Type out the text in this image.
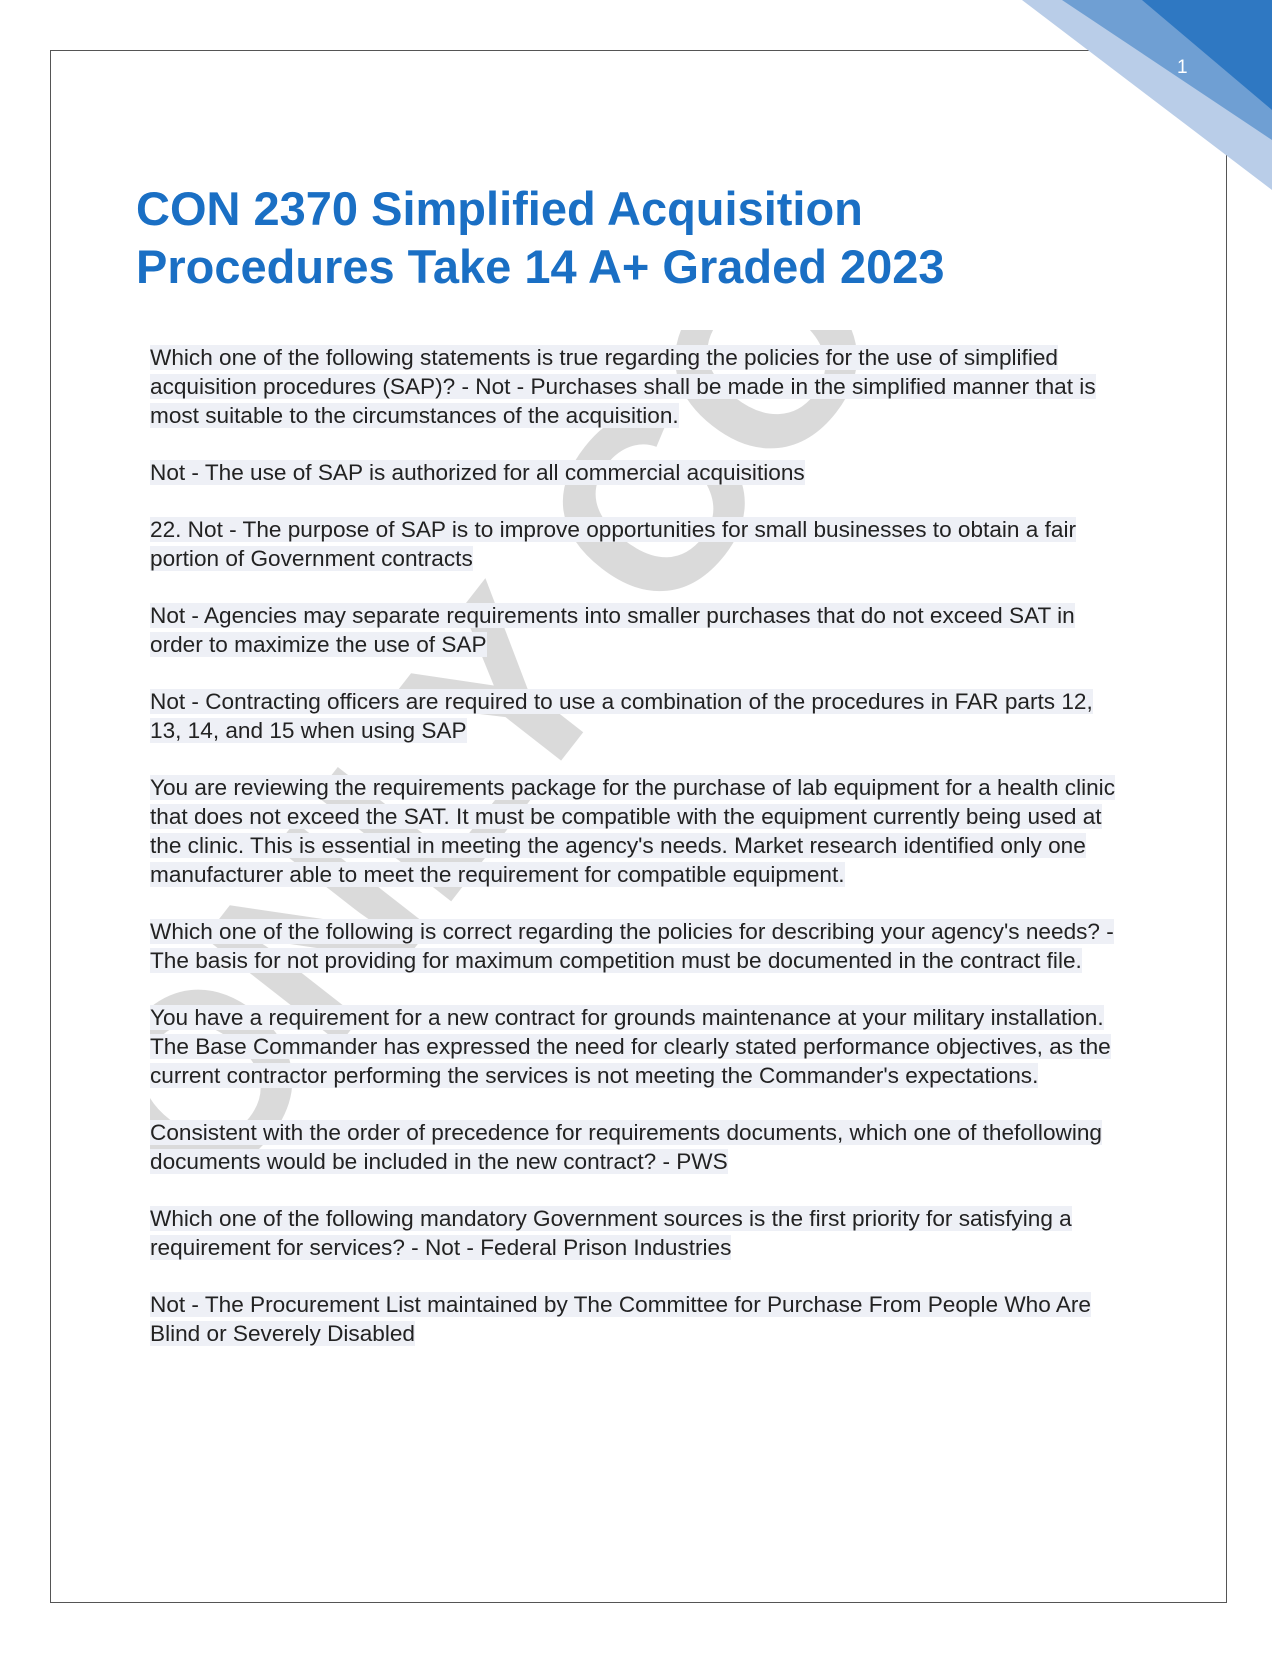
1
ONLY
CON 2370 Simplified Acquisition Procedures Take 14 A+ Graded 2023

Which one of the following statements is true regarding the policies for the use of simplified acquisition procedures (SAP)? - Not - Purchases shall be made in the simplified manner that is most suitable to the circumstances of the acquisition.

Not - The use of SAP is authorized for all commercial acquisitions

22. Not - The purpose of SAP is to improve opportunities for small businesses to obtain a fair portion of Government contracts

Not - Agencies may separate requirements into smaller purchases that do not exceed SAT in order to maximize the use of SAP

Not - Contracting officers are required to use a combination of the procedures in FAR parts 12, 13, 14, and 15 when using SAP

You are reviewing the requirements package for the purchase of lab equipment for a health clinic that does not exceed the SAT. It must be compatible with the equipment currently being used at the clinic. This is essential in meeting the agency's needs. Market research identified only one manufacturer able to meet the requirement for compatible equipment.

Which one of the following is correct regarding the policies for describing your agency's needs? - The basis for not providing for maximum competition must be documented in the contract file.

You have a requirement for a new contract for grounds maintenance at your military installation. The Base Commander has expressed the need for clearly stated performance objectives, as the current contractor performing the services is not meeting the Commander's expectations.

Consistent with the order of precedence for requirements documents, which one of thefollowing documents would be included in the new contract? - PWS

Which one of the following mandatory Government sources is the first priority for satisfying a requirement for services? - Not - Federal Prison Industries

Not - The Procurement List maintained by The Committee for Purchase From People Who Are Blind or Severely Disabled
